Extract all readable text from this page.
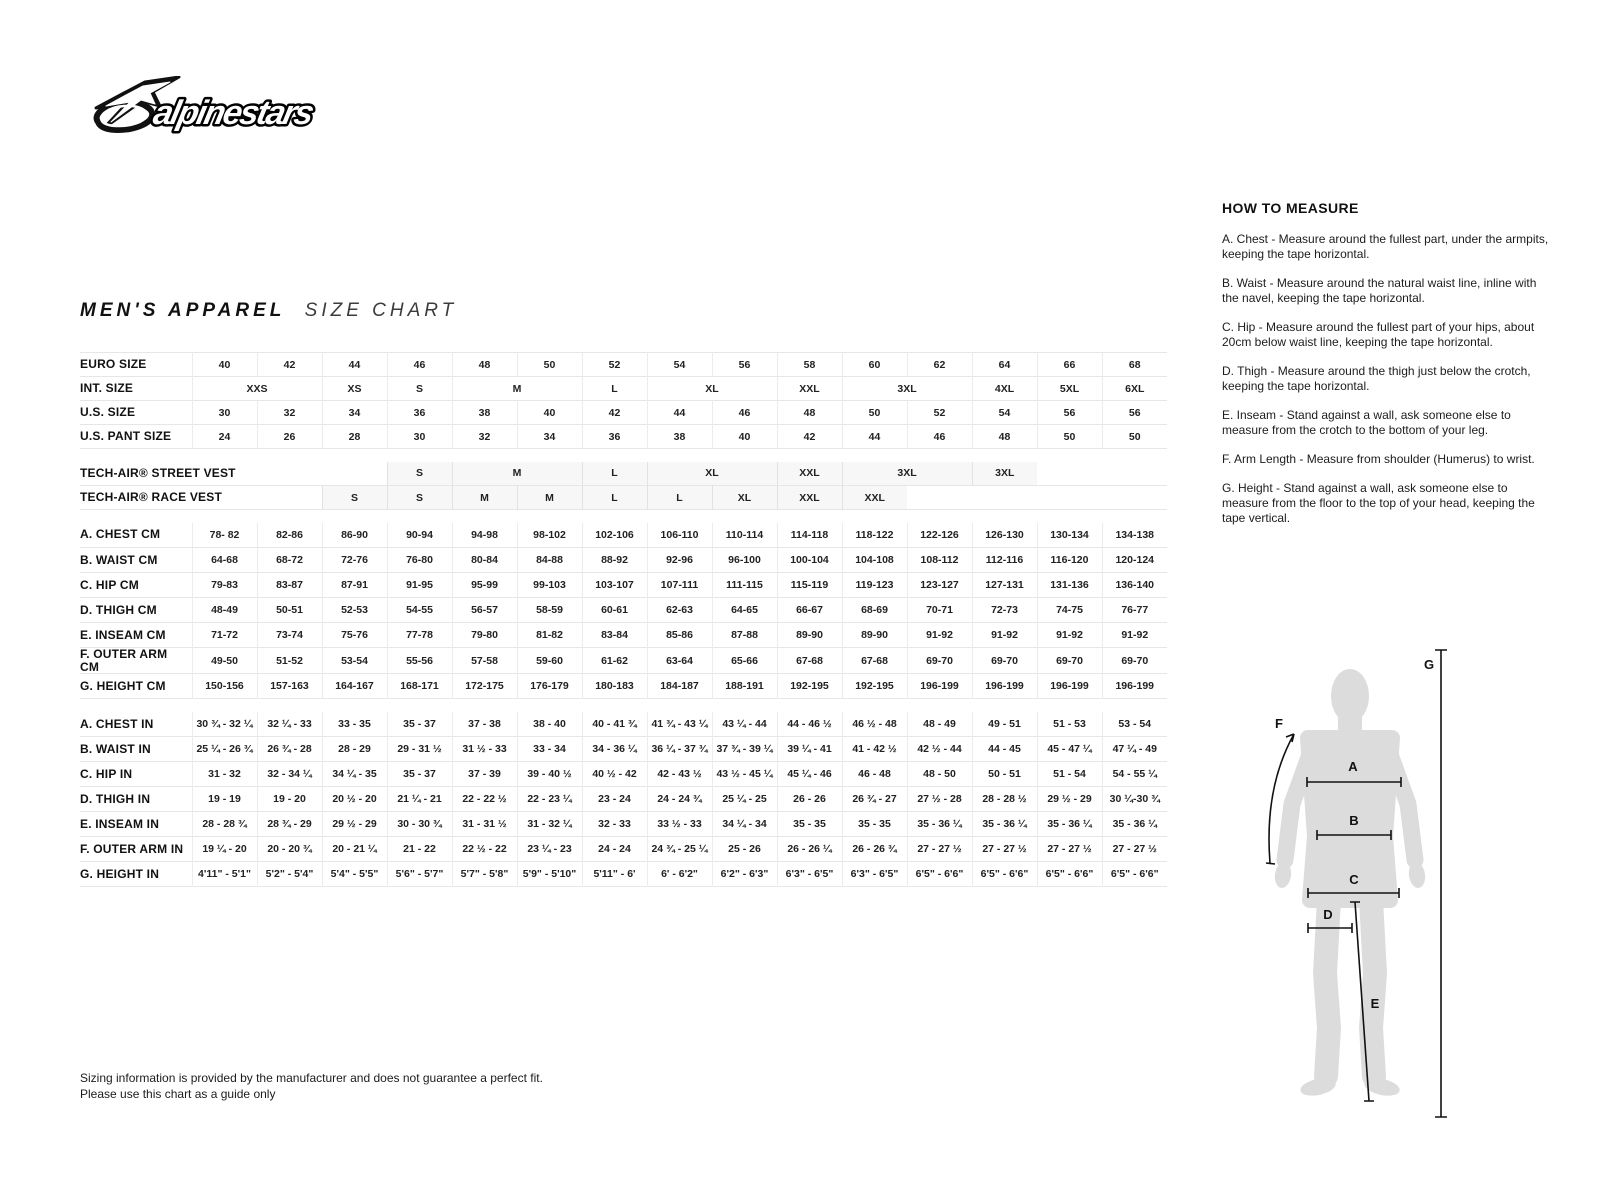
alpinestars
MEN'S APPAREL SIZE CHART
EURO SIZE	40	42	44	46	48	50	52	54	56	58	60	62	64	66	68
INT. SIZE	XXS		XS	S	M		L	XL		XXL	3XL		4XL	5XL	6XL
U.S. SIZE	30	32	34	36	38	40	42	44	46	48	50	52	54	56	56
U.S. PANT SIZE	24	26	28	30	32	34	36	38	40	42	44	46	48	50	50

TECH-AIR® STREET VEST				S	M		L	XL		XXL	3XL		3XL		
TECH-AIR® RACE VEST			S	S	M	M	L	L	XL	XXL	XXL				

A. CHEST CM	78- 82	82-86	86-90	90-94	94-98	98-102	102-106	106-110	110-114	114-118	118-122	122-126	126-130	130-134	134-138
B. WAIST CM	64-68	68-72	72-76	76-80	80-84	84-88	88-92	92-96	96-100	100-104	104-108	108-112	112-116	116-120	120-124
C. HIP CM	79-83	83-87	87-91	91-95	95-99	99-103	103-107	107-111	111-115	115-119	119-123	123-127	127-131	131-136	136-140
D. THIGH CM	48-49	50-51	52-53	54-55	56-57	58-59	60-61	62-63	64-65	66-67	68-69	70-71	72-73	74-75	76-77
E. INSEAM CM	71-72	73-74	75-76	77-78	79-80	81-82	83-84	85-86	87-88	89-90	89-90	91-92	91-92	91-92	91-92
F. OUTER ARM CM	49-50	51-52	53-54	55-56	57-58	59-60	61-62	63-64	65-66	67-68	67-68	69-70	69-70	69-70	69-70
G. HEIGHT CM	150-156	157-163	164-167	168-171	172-175	176-179	180-183	184-187	188-191	192-195	192-195	196-199	196-199	196-199	196-199

A. CHEST IN	30 ¾ - 32 ¼	32 ¼ - 33	33 - 35	35 - 37	37 - 38	38 - 40	40 - 41 ¾	41 ¾ - 43 ¼	43 ¼ - 44	44 - 46 ½	46 ½ - 48	48 - 49	49 - 51	51 - 53	53 - 54
B. WAIST IN	25 ¼ - 26 ¾	26 ¾ - 28	28 - 29	29 - 31 ½	31 ½ - 33	33 - 34	34 - 36 ¼	36 ¼ - 37 ¾	37 ¾ - 39 ¼	39 ¼ - 41	41 - 42 ½	42 ½ - 44	44 - 45	45 - 47 ¼	47 ¼ - 49
C. HIP IN	31 - 32	32 - 34 ¼	34 ¼ - 35	35 - 37	37 - 39	39 - 40 ½	40 ½ - 42	42 - 43 ½	43 ½ - 45 ¼	45 ¼ - 46	46 - 48	48 - 50	50 - 51	51 - 54	54 - 55 ¼
D. THIGH IN	19 - 19	19 - 20	20 ½ - 20	21 ¼ - 21	22 - 22 ½	22 - 23 ¼	23 - 24	24 - 24 ¾	25 ¼ - 25	26 - 26	26 ¾ - 27	27 ½ - 28	28 - 28 ½	29 ½ - 29	30 ¼-30 ¾
E. INSEAM IN	28 - 28 ¾	28 ¾ - 29	29 ½ - 29	30 - 30 ¾	31 - 31 ½	31 - 32 ¼	32 - 33	33 ½ - 33	34 ¼ - 34	35 - 35	35 - 35	35 - 36 ¼	35 - 36 ¼	35 - 36 ¼	35 - 36 ¼
F. OUTER ARM IN	19 ¼ - 20	20 - 20 ¾	20 - 21 ¼	21 - 22	22 ½ - 22	23 ¼ - 23	24 - 24	24 ¾ - 25 ¼	25 - 26	26 - 26 ¼	26 - 26 ¾	27 - 27 ½	27 - 27 ½	27 - 27 ½	27 - 27 ½
G. HEIGHT IN	4'11" - 5'1"	5'2" - 5'4"	5'4" - 5'5"	5'6" - 5'7"	5'7" - 5'8"	5'9" - 5'10"	5'11" - 6'	6' - 6'2"	6'2" - 6'3"	6'3" - 6'5"	6'3" - 6'5"	6'5" - 6'6"	6'5" - 6'6"	6'5" - 6'6"	6'5" - 6'6"
HOW TO MEASURE
A. Chest - Measure around the fullest part, under the armpits, keeping the tape horizontal.
B. Waist - Measure around the natural waist line, inline with the navel, keeping the tape horizontal.
C. Hip - Measure around the fullest part of your hips, about 20cm below waist line, keeping the tape horizontal.
D. Thigh - Measure around the thigh just below the crotch, keeping the tape horizontal.
E. Inseam - Stand against a wall, ask someone else to measure from the crotch to the bottom of your leg.
F. Arm Length - Measure from shoulder (Humerus) to wrist.
G. Height - Stand against a wall, ask someone else to measure from the floor to the top of your head, keeping the tape vertical.
A
B
C
D
E
F
G
Sizing information is provided by the manufacturer and does not guarantee a perfect fit.
Please use this chart as a guide only
